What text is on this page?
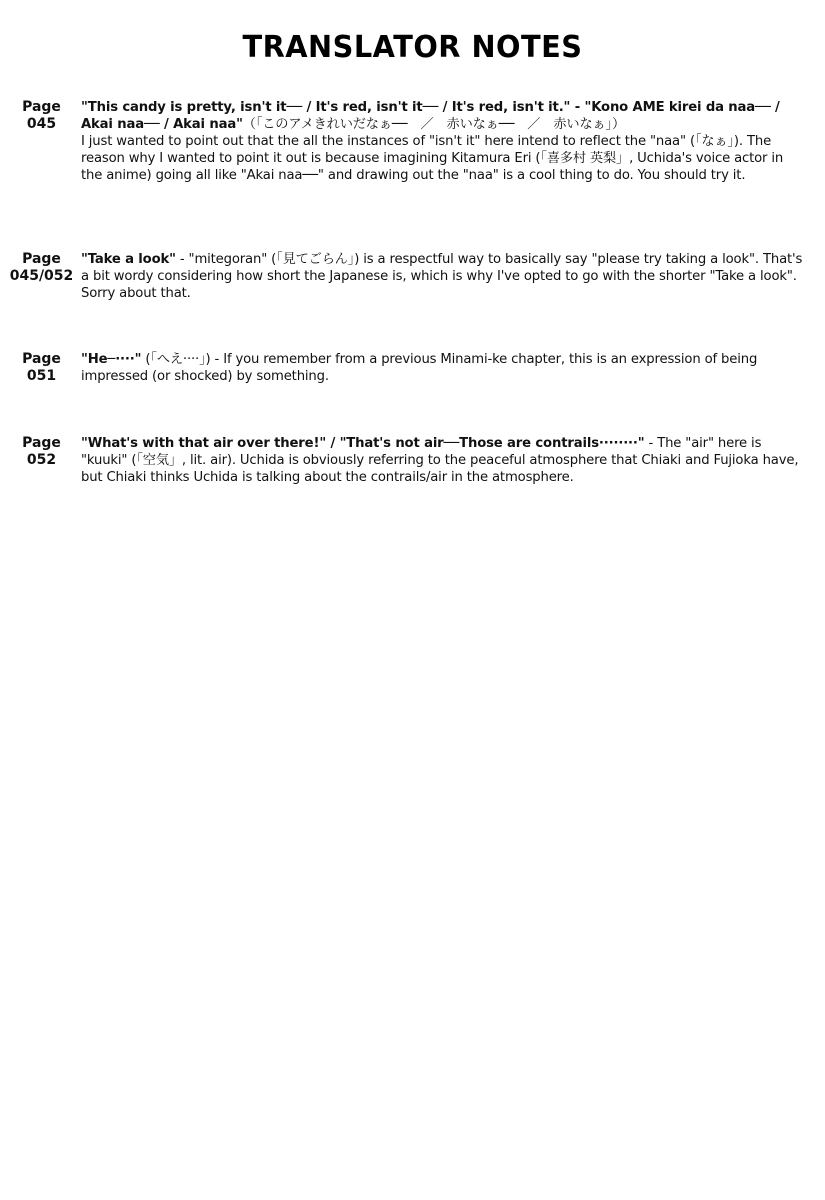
TRANSLATOR NOTES
Page
045
"This candy is pretty, isn't it── / It's red, isn't it── / It's red, isn't it." - "Kono AME kirei da naa── / Akai naa── / Akai naa"（「このアメきれいだなぁ──　／　赤いなぁ──　／　赤いなぁ」）
I just wanted to point out that the all the instances of "isn't it" here intend to reflect the "naa" (「なぁ」). The reason why I wanted to point it out is because imagining Kitamura Eri (「喜多村 英梨」, Uchida's voice actor in the anime) going all like "Akai naa──" and drawing out the "naa" is a cool thing to do. You should try it.
Page
045/052
"Take a look" - "mitegoran" (「見てごらん」) is a respectful way to basically say "please try taking a look". That's a bit wordy considering how short the Japanese is, which is why I've opted to go with the shorter "Take a look". Sorry about that.
Page
051
"He─····" (「へえ····」) - If you remember from a previous Minami-ke chapter, this is an expression of being impressed (or shocked) by something.
Page
052
"What's with that air over there!" / "That's not air──Those are contrails········" - The "air" here is "kuuki" (「空気」, lit. air). Uchida is obviously referring to the peaceful atmosphere that Chiaki and Fujioka have, but Chiaki thinks Uchida is talking about the contrails/air in the atmosphere.
